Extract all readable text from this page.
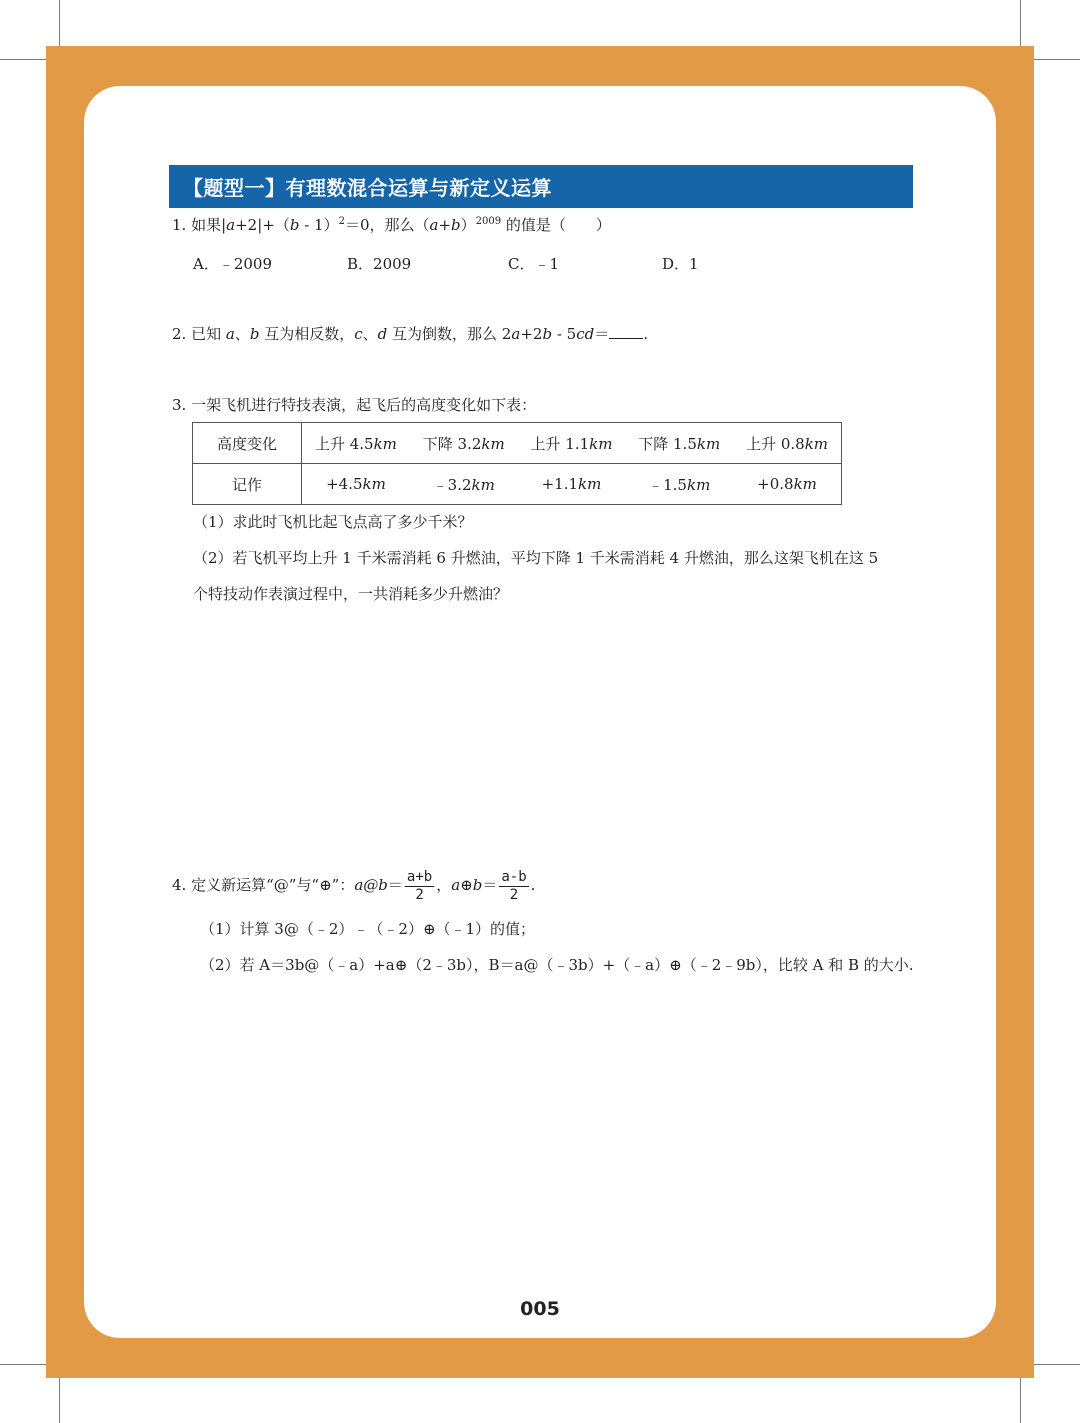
【题型一】有理数混合运算与新定义运算
1. 如果|a+2|+（b - 1）$^2$＝0，那么$(a+b)^{2009}$ 的值是（　　）
A．﹣2009	B．2009	C．﹣1	D．1
2. 已知 a、b 互为相反数，c、d 互为倒数，那么 2a+2b - 5cd＝ .
3. 一架飞机进行特技表演，起飞后的高度变化如下表：
高度变化	上升 4.5km	下降 3.2km	上升 1.1km	下降 1.5km	上升 0.8km
记作	+4.5km	﹣3.2km	+1.1km	﹣1.5km	+0.8km
（1）求此时飞机比起飞点高了多少千米？
（2）若飞机平均上升 1 千米需消耗 6 升燃油，平均下降 1 千米需消耗 4 升燃油，那么这架飞机在这 5
个特技动作表演过程中，一共消耗多少升燃油？
4. 定义新运算“@”与“⊕”：a@b＝ $\frac{a+b}{2}$ ，a⊕b＝ $\frac{a-b}{2}$ .
（1）计算 3@（﹣2）﹣（﹣2）⊕（﹣1）的值；
（2）若 A＝3b@（﹣a）+a⊕（2﹣3b），B＝a@（﹣3b）+（﹣a）⊕（﹣2﹣9b），比较 A 和 B 的大小.
005
